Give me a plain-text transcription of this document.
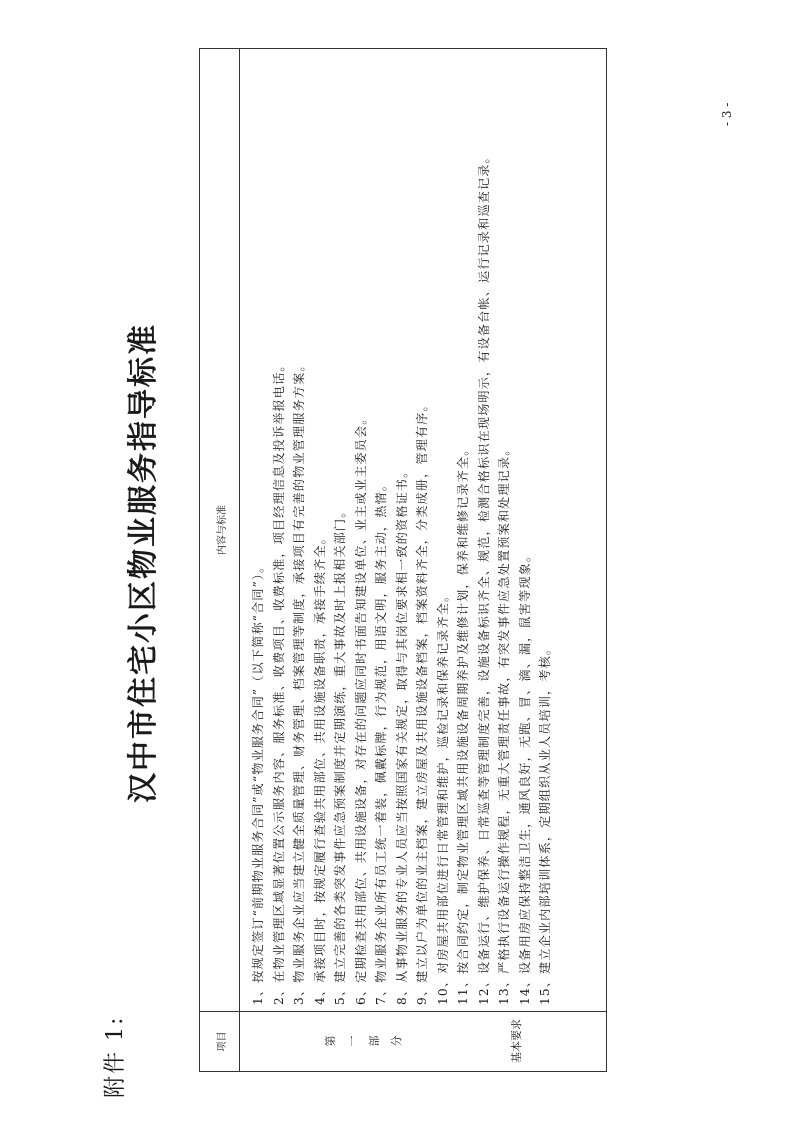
附件 1:
汉中市住宅小区物业服务指导标准
项目
内容与标准
第 一 部 分	基本要求
1、按规定签订“前期物业服务合同”或“物业服务合同”（以下简称“合同”）。
2、在物业管理区域显著位置公示服务内容、服务标准、收费项目、收费标准，项目经理信息及投诉举报电话。
3、物业服务企业应当建立健全质量管理、财务管理、档案管理等制度，承接项目有完善的物业管理服务方案。
4、承接项目时，按规定履行查验共用部位、共用设施设备职责，承接手续齐全。
5、建立完善的各类突发事件应急预案制度并定期演练，重大事故及时上报相关部门。
6、定期检查共用部位、共用设施设备，对存在的问题应同时书面告知建设单位、业主或业主委员会。
7、物业服务企业所有员工统一着装，佩戴标牌，行为规范，用语文明，服务主动，热情。
8、从事物业服务的专业人员应当按照国家有关规定，取得与其岗位要求相一致的资格证书。
9、建立以户为单位的业主档案，建立房屋及共用设施设备档案，档案资料齐全，分类成册，管理有序。
10、对房屋共用部位进行日常管理和维护，巡检记录和保养记录齐全。
11、按合同约定，制定物业管理区域共用设施设备周期养护及维修计划，保养和维修记录齐全。
12、设备运行、维护保养、日常巡查等管理制度完善，设施设备标识齐全、规范，检测合格标识在现场明示，有设备台帐、运行记录和巡查记录。
13、严格执行设备运行操作规程，无重大管理责任事故，有突发事件应急处置预案和处理记录。
14、设备用房应保持整洁卫生，通风良好，无跑、冒、滴、漏，鼠害等现象。
15、建立企业内部培训体系，定期组织从业人员培训，考核。
- 3 -
